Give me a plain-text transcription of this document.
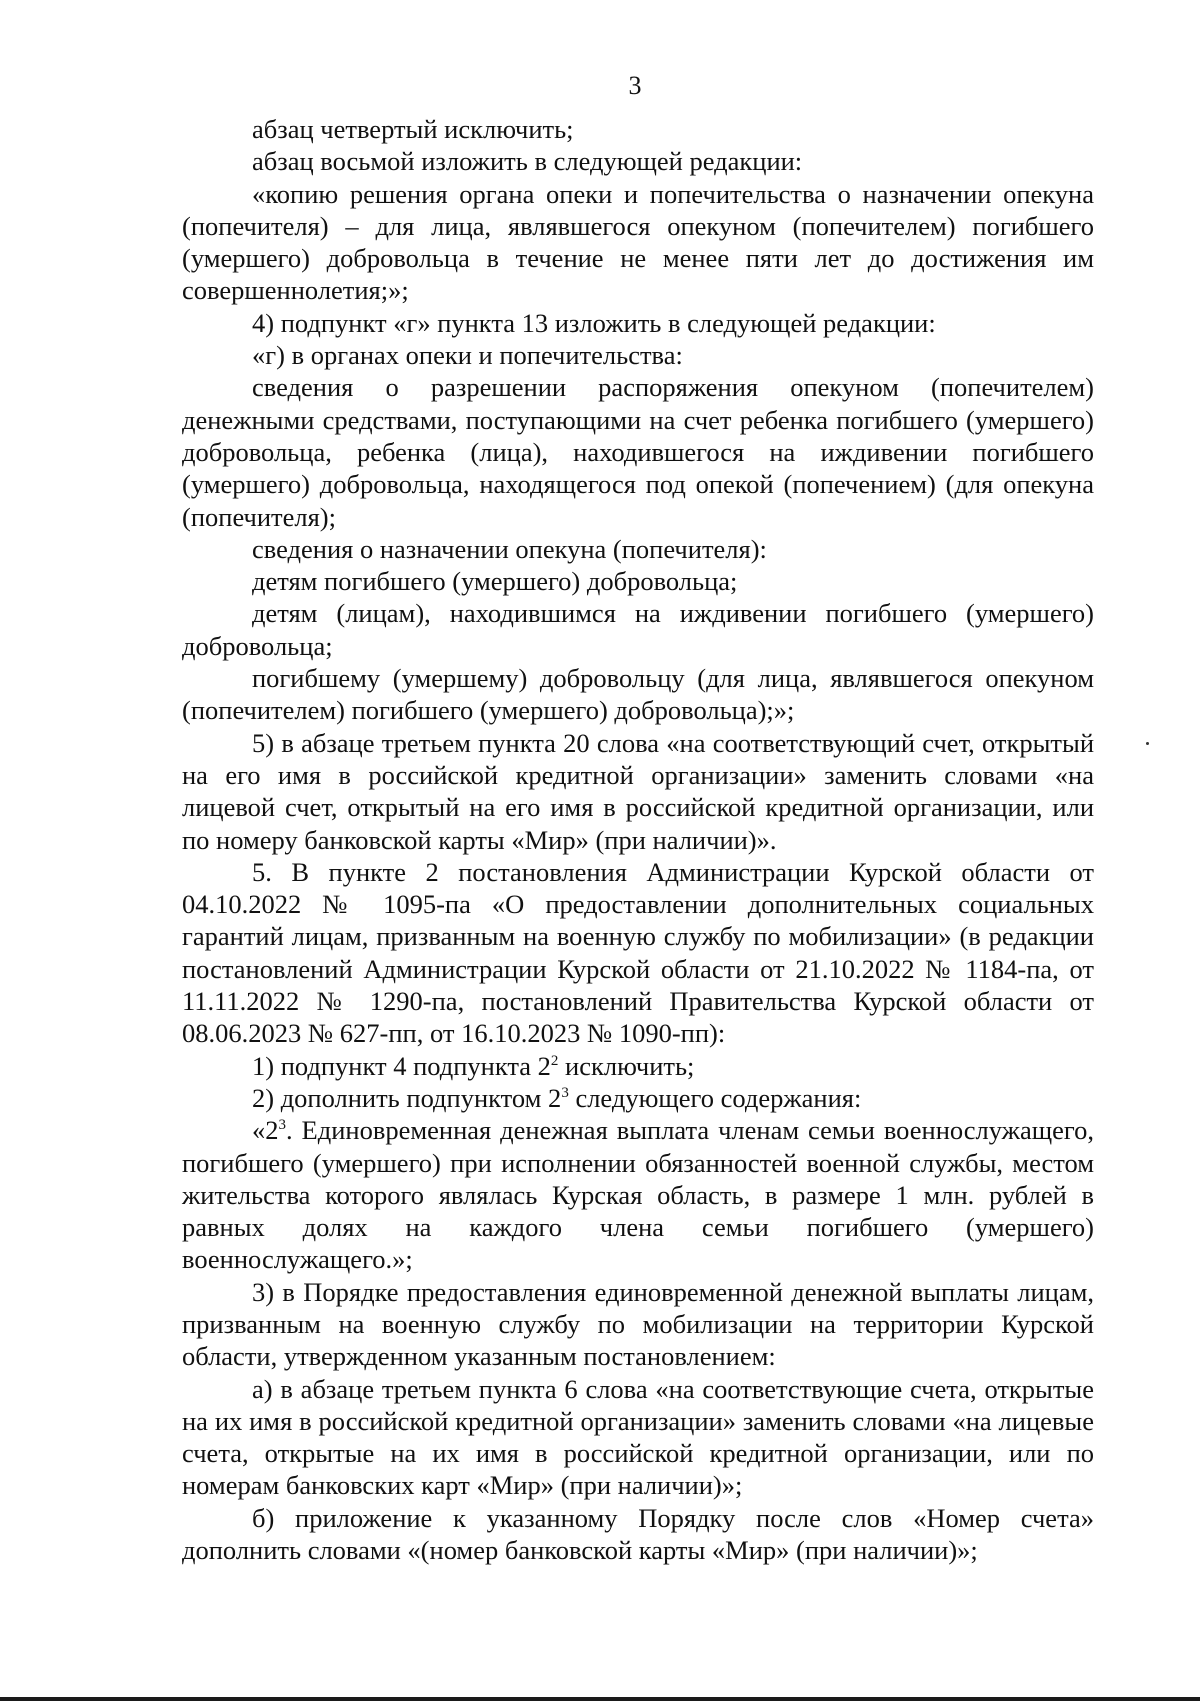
3

абзац четвертый исключить;

абзац восьмой изложить в следующей редакции:

«копию решения органа опеки и попечительства о назначении опекуна (попечителя) – для лица, являвшегося опекуном (попечителем) погибшего (умершего) добровольца в течение не менее пяти лет до достижения им совершеннолетия;»;

4) подпункт «г» пункта 13 изложить в следующей редакции:

«г) в органах опеки и попечительства:

сведения о разрешении распоряжения опекуном (попечителем) денежными средствами, поступающими на счет ребенка погибшего (умершего) добровольца, ребенка (лица), находившегося на иждивении погибшего (умершего) добровольца, находящегося под опекой (попечением) (для опекуна (попечителя);

сведения о назначении опекуна (попечителя):

детям погибшего (умершего) добровольца;

детям (лицам), находившимся на иждивении погибшего (умершего) добровольца;

погибшему (умершему) добровольцу (для лица, являвшегося опекуном (попечителем) погибшего (умершего) добровольца);»;

5) в абзаце третьем пункта 20 слова «на соответствующий счет, открытый на его имя в российской кредитной организации» заменить словами «на лицевой счет, открытый на его имя в российской кредитной организации, или по номеру банковской карты «Мир» (при наличии)».

5. В пункте 2 постановления Администрации Курской области от 04.10.2022 № 1095-па «О предоставлении дополнительных социальных гарантий лицам, призванным на военную службу по мобилизации» (в редакции постановлений Администрации Курской области от 21.10.2022 № 1184-па, от 11.11.2022 № 1290-па, постановлений Правительства Курской области от 08.06.2023 № 627-пп, от 16.10.2023 № 1090-пп):

1) подпункт 4 подпункта $2^2$ исключить;

2) дополнить подпунктом $2^3$ следующего содержания:

«$2^3$. Единовременная денежная выплата членам семьи военнослужащего, погибшего (умершего) при исполнении обязанностей военной службы, местом жительства которого являлась Курская область, в размере 1 млн. рублей в равных долях на каждого члена семьи погибшего (умершего) военнослужащего.»;

3) в Порядке предоставления единовременной денежной выплаты лицам, призванным на военную службу по мобилизации на территории Курской области, утвержденном указанным постановлением:

а) в абзаце третьем пункта 6 слова «на соответствующие счета, открытые на их имя в российской кредитной организации» заменить словами «на лицевые счета, открытые на их имя в российской кредитной организации, или по номерам банковских карт «Мир» (при наличии)»;

б) приложение к указанному Порядку после слов «Номер счета» дополнить словами «(номер банковской карты «Мир» (при наличии)»;
